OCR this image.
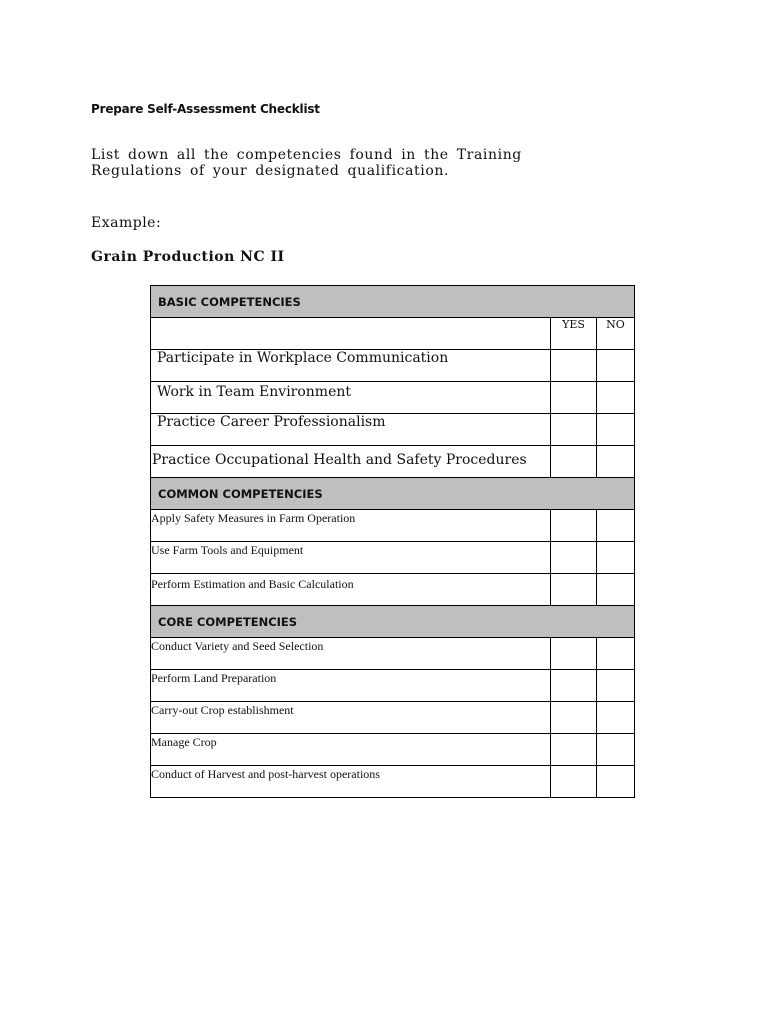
Prepare Self-Assessment Checklist

List down all the competencies found in the Training Regulations of your designated qualification.

Example:

Grain Production NC II

BASIC COMPETENCIES		
	YES	NO

Participate in Workplace Communication		

Work in Team Environment		

Practice Career Professionalism		

Practice Occupational Health and Safety Procedures		

COMMON COMPETENCIES		

Apply Safety Measures in Farm Operation		

Use Farm Tools and Equipment		

Perform Estimation and Basic Calculation		

CORE COMPETENCIES		

Conduct Variety and Seed Selection		

Perform Land Preparation		

Carry-out Crop establishment		

Manage Crop		

Conduct of Harvest and post-harvest operations		
